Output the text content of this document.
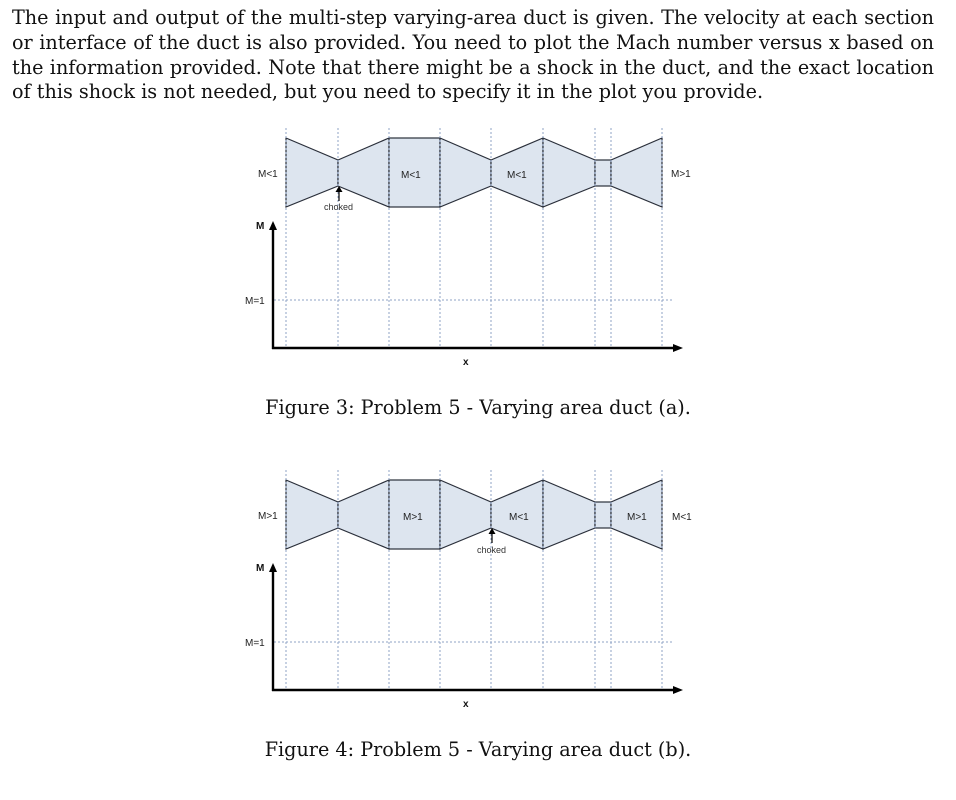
The input and output of the multi-step varying-area duct is given. The velocity at each section or interface of the duct is also provided. You need to plot the Mach number versus x based on the information provided. Note that there might be a shock in the duct, and the exact location of this shock is not needed, but you need to specify it in the plot you provide.

M<1	M<1	M<1	M>1
choked
M
M=1
x
Figure 3: Problem 5 - Varying area duct (a).
M>1	M>1	M<1	M>1	M<1
choked
M
M=1
x
Figure 4: Problem 5 - Varying area duct (b).
